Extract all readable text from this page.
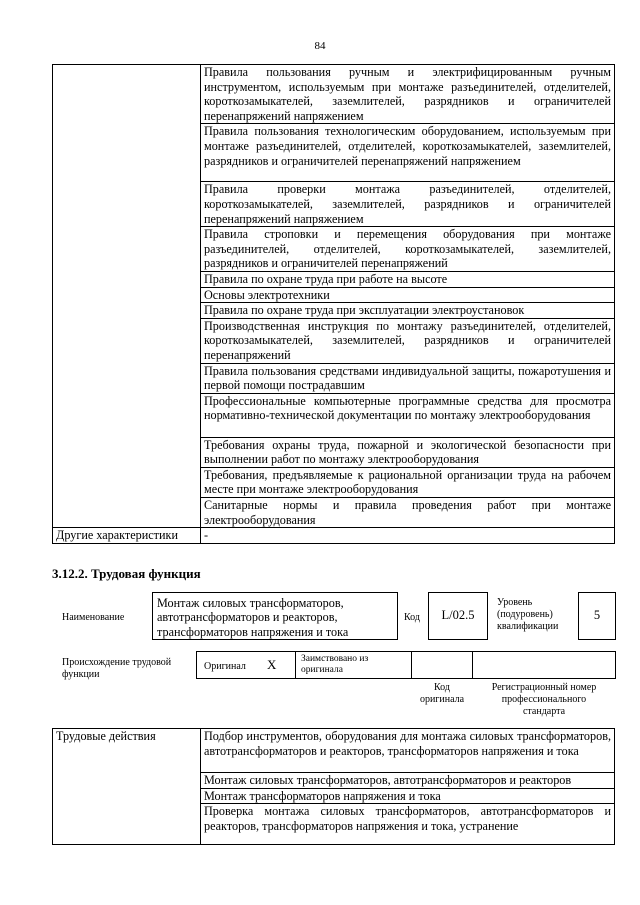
84
	Правила пользования ручным и электрифицированным ручным инструментом, используемым при монтаже разъединителей, отделителей, короткозамыкателей, заземлителей, разрядников и ограничителей перенапряжений напряжением
	Правила пользования технологическим оборудованием, используемым при монтаже разъединителей, отделителей, короткозамыкателей, заземлителей, разрядников и ограничителей перенапряжений напряжением
	Правила проверки монтажа разъединителей, отделителей, короткозамыкателей, заземлителей, разрядников и ограничителей перенапряжений напряжением
	Правила строповки и перемещения оборудования при монтаже разъединителей, отделителей, короткозамыкателей, заземлителей, разрядников и ограничителей перенапряжений
	Правила по охране труда при работе на высоте
	Основы электротехники
	Правила по охране труда при эксплуатации электроустановок
	Производственная инструкция по монтажу разъединителей, отделителей, короткозамыкателей, заземлителей, разрядников и ограничителей перенапряжений
	Правила пользования средствами индивидуальной защиты, пожаротушения и первой помощи пострадавшим
	Профессиональные компьютерные программные средства для просмотра нормативно-технической документации по монтажу электрооборудования
	Требования охраны труда, пожарной и экологической безопасности при выполнении работ по монтажу электрооборудования
	Требования, предъявляемые к рациональной организации труда на рабочем месте при монтаже электрооборудования
	Санитарные нормы и правила проведения работ при монтаже электрооборудования
Другие характеристики	-
3.12.2. Трудовая функция
Наименование
Монтаж силовых трансформаторов, автотрансформаторов и реакторов, трансформаторов напряжения и тока
Код	L/02.5
Уровень (подуровень) квалификации
5
Происхождение трудовой функции
Оригинал X	Заимствовано из оригинала
Код оригинала
Регистрационный номер профессионального стандарта
Трудовые действия	Подбор инструментов, оборудования для монтажа силовых трансформаторов, автотрансформаторов и реакторов, трансформаторов напряжения и тока
Монтаж силовых трансформаторов, автотрансформаторов и реакторов
Монтаж трансформаторов напряжения и тока
Проверка монтажа силовых трансформаторов, автотрансформаторов и реакторов, трансформаторов напряжения и тока, устранение
